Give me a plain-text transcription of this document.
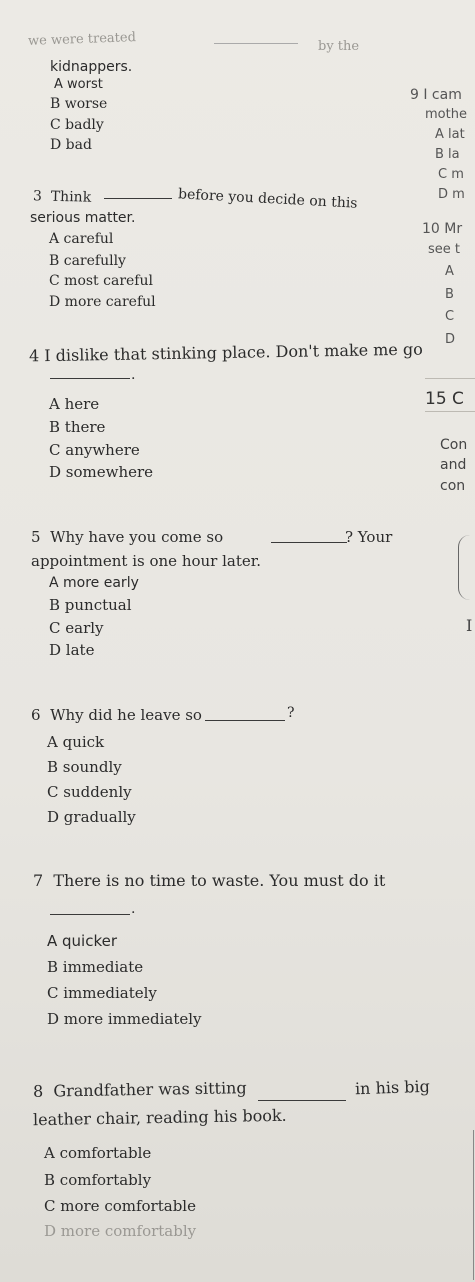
we were treated	by the
kidnappers.
A worst
B worse
C badly
D bad
3 Think	before you decide on this
serious matter.
A careful
B carefully
C most careful
D more careful
4 I dislike that stinking place. Don't make me go
.
A here
B there
C anywhere
D somewhere
5 Why have you come so	? Your
appointment is one hour later.
A more early
B punctual
C early
D late
6 Why did he leave so	?
A quick
B soundly
C suddenly
D gradually
7 There is no time to waste. You must do it
.
A quicker
B immediate
C immediately
D more immediately
8 Grandfather was sitting	in his big
leather chair, reading his book.
A comfortable
B comfortably
C more comfortable
D more comfortably
9 I cam
mothe
A lat
B la
C m
D m
10 Mr
see t
A
B
C
D
15 C
Con
and
con
I
